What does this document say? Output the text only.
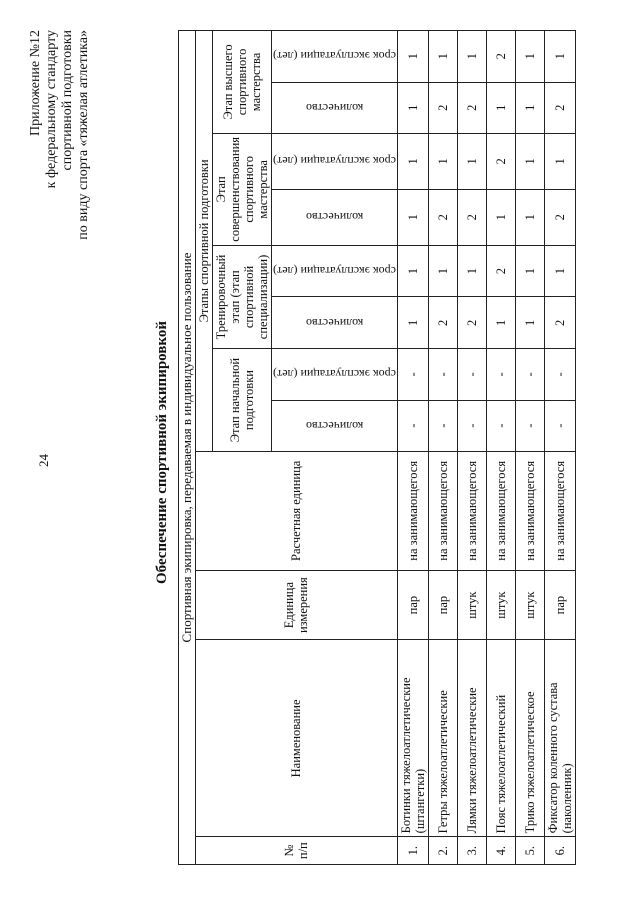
24
Приложение №12 к федеральному стандарту спортивной подготовки по виду спорта «тяжелая атлетика»
Обеспечение спортивной экипировкой Спортивная экипировка, передаваемая в индивидуальное пользование											
№ п/п	Наименование	Единица измерения	Расчетная единица	Этапы спортивной подготовки							
				Этап начальной подготовки		Тренировочный этап (этап спортивной специализации)		Этап совершенствования спортивного мастерства		Этап высшего спортивного мастерства	

				количество	срок эксплуатации (лет)	количество	срок эксплуатации (лет)	количество	срок эксплуатации (лет)	количество	срок эксплуатации (лет)

1.	Ботинки тяжелоатлетические (штангетки)	пар	на занимающегося	-	-	1	1	1	1	1	1
2.	Гетры тяжелоатлетические	пар	на занимающегося	-	-	2	1	2	1	2	1
3.	Лямки тяжелоатлетические	штук	на занимающегося	-	-	2	1	2	1	2	1
4.	Пояс тяжелоатлетический	штук	на занимающегося	-	-	1	2	1	2	1	2
5.	Трико тяжелоатлетическое	штук	на занимающегося	-	-	1	1	1	1	1	1
6.	Фиксатор коленного сустава (наколенник)	пар	на занимающегося	-	-	2	1	2	1	2	1
